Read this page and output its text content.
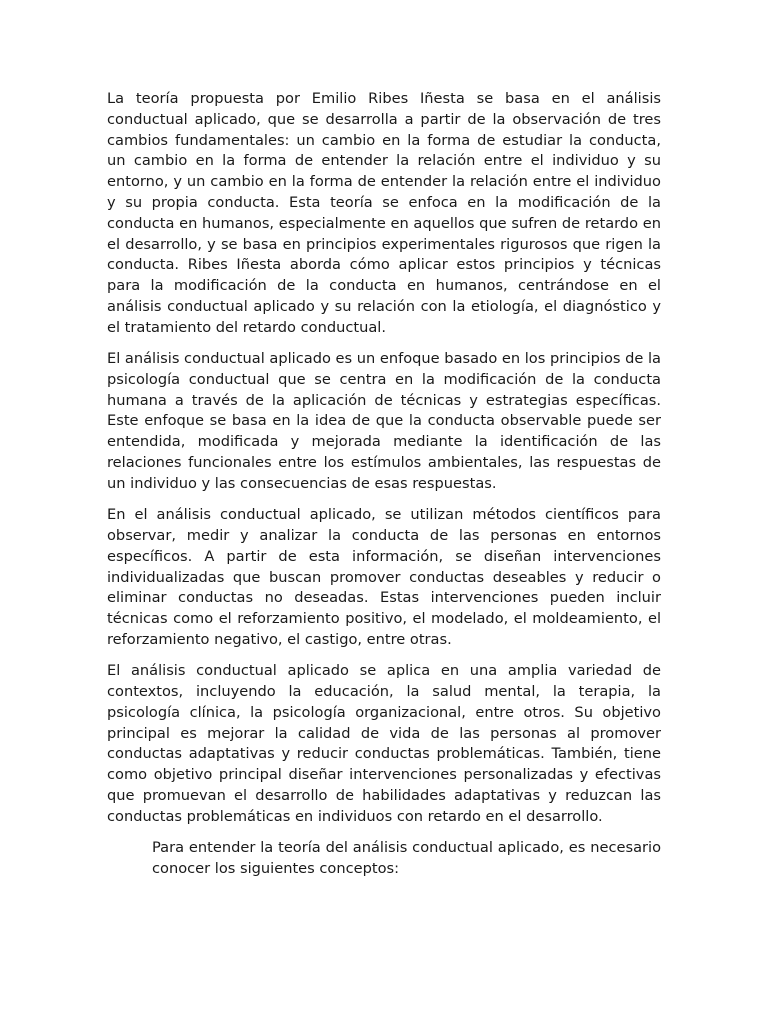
La teoría propuesta por Emilio Ribes Iñesta se basa en el análisis conductual aplicado, que se desarrolla a partir de la observación de tres cambios fundamentales: un cambio en la forma de estudiar la conducta, un cambio en la forma de entender la relación entre el individuo y su entorno, y un cambio en la forma de entender la relación entre el individuo y su propia conducta. Esta teoría se enfoca en la modificación de la conducta en humanos, especialmente en aquellos que sufren de retardo en el desarrollo, y se basa en principios experimentales rigurosos que rigen la conducta. Ribes Iñesta aborda cómo aplicar estos principios y técnicas para la modificación de la conducta en humanos, centrándose en el análisis conductual aplicado y su relación con la etiología, el diagnóstico y el tratamiento del retardo conductual.

El análisis conductual aplicado es un enfoque basado en los principios de la psicología conductual que se centra en la modificación de la conducta humana a través de la aplicación de técnicas y estrategias específicas. Este enfoque se basa en la idea de que la conducta observable puede ser entendida, modificada y mejorada mediante la identificación de las relaciones funcionales entre los estímulos ambientales, las respuestas de un individuo y las consecuencias de esas respuestas.

En el análisis conductual aplicado, se utilizan métodos científicos para observar, medir y analizar la conducta de las personas en entornos específicos. A partir de esta información, se diseñan intervenciones individualizadas que buscan promover conductas deseables y reducir o eliminar conductas no deseadas. Estas intervenciones pueden incluir técnicas como el reforzamiento positivo, el modelado, el moldeamiento, el reforzamiento negativo, el castigo, entre otras.

El análisis conductual aplicado se aplica en una amplia variedad de contextos, incluyendo la educación, la salud mental, la terapia, la psicología clínica, la psicología organizacional, entre otros. Su objetivo principal es mejorar la calidad de vida de las personas al promover conductas adaptativas y reducir conductas problemáticas. También, tiene como objetivo principal diseñar intervenciones personalizadas y efectivas que promuevan el desarrollo de habilidades adaptativas y reduzcan las conductas problemáticas en individuos con retardo en el desarrollo.

Para entender la teoría del análisis conductual aplicado, es necesario conocer los siguientes conceptos:
